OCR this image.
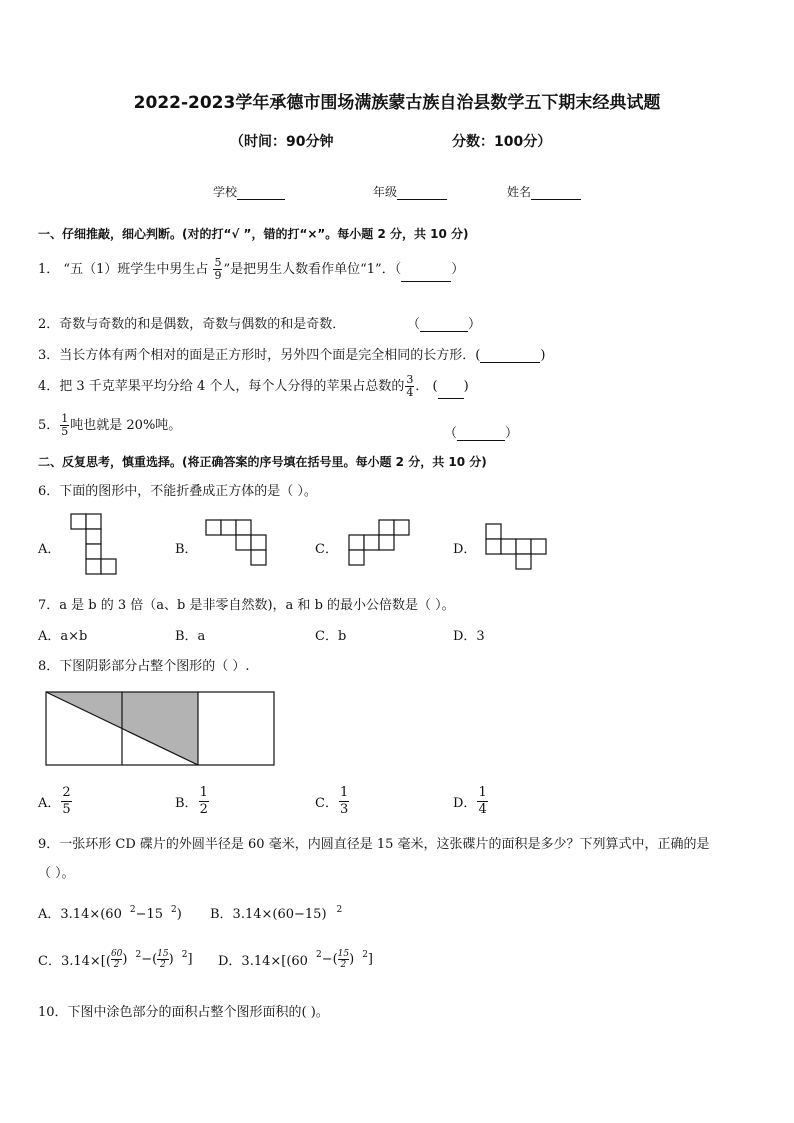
2022-2023学年承德市围场满族蒙古族自治县数学五下期末经典试题
（时间：90分钟	分数：100分）
学校	年级	姓名
一、仔细推敲，细心判断。(对的打“√ ”，错的打“×”。每小题 2 分，共 10 分)
1． “五（1）班学生中男生占 $\frac{5}{9}$ ”是把男生人数看作单位“1”．（	）
2．奇数与奇数的和是偶数，奇数与偶数的和是奇数．	（	）
3．当长方体有两个相对的面是正方形时，另外四个面是完全相同的长方形．(	)
4．把 3 千克苹果平均分给 4 个人，每个人分得的苹果占总数的 $\frac{3}{4}$ ． ( )
5． $\frac{1}{5}$ 吨也就是 20%吨。
（	）
二、反复思考，慎重选择。(将正确答案的序号填在括号里。每小题 2 分，共 10 分)
6．下面的图形中，不能折叠成正方体的是（ ）。
A．	B．	C．	D．
7．a 是 b 的 3 倍（a、b 是非零自然数)，a 和 b 的最小公倍数是（ ）。
A．a×b	B．a	C．b	D．3
8．下图阴影部分占整个图形的（ ）.
A． $\frac{2}{5}$	B． $\frac{1}{2}$	C． $\frac{1}{3}$	D． $\frac{1}{4}$
9．一张环形 CD 碟片的外圆半径是 60 毫米，内圆直径是 15 毫米，这张碟片的面积是多少？下列算式中，正确的是
（ ）。
A．3.14×(60 $^2$−15 $^2$) B．3.14×(60−15) $^2$
C．$3.14\times[( \frac{60}{2}$ ) $^2-( \frac{15}{2}$ ) $^2$] D．3.14×[(60 $^2-( \frac{15}{2}$ ) $^2$]
10．下图中涂色部分的面积占整个图形面积的( )。
